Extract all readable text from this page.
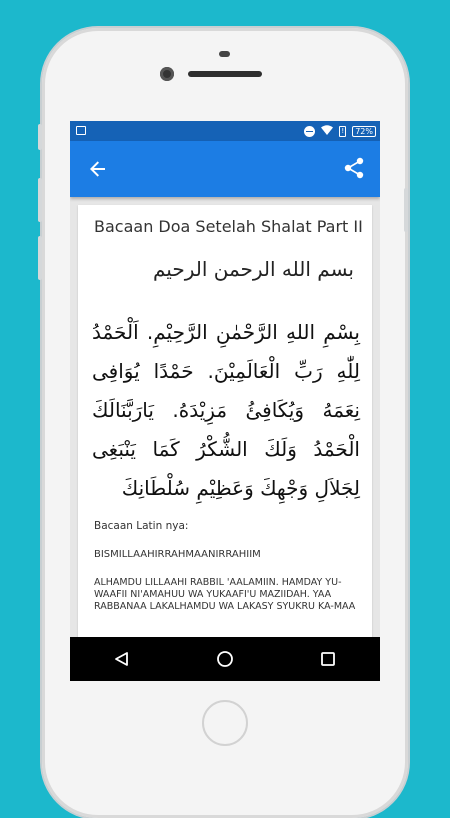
!	72%
Bacaan Doa Setelah Shalat Part II
بسم الله الرحمن الرحيم
بِسْمِ اللهِ الرَّحْمٰنِ الرَّحِيْمِ. اَلْحَمْدُ لِلّٰهِ رَبِّ الْعَالَمِيْنَ. حَمْدًا يُوَافِى نِعَمَهُ وَيُكَافِئُ مَزِيْدَهُ. يَارَبَّنَالَكَ الْحَمْدُ وَلَكَ الشُّكْرُ كَمَا يَنْبَغِى لِجَلاَلِ وَجْهِكَ وَعَظِيْمِ سُلْطَانِكَ
Bacaan Latin nya:
BISMILLAAHIRRAHMAANIRRAHIIM
ALHAMDU LILLAAHI RABBIL 'AALAMIIN. HAMDAY YU-WAAFII NI'AMAHUU WA YUKAAFI'U MAZIIDAH. YAA RABBANAA LAKALHAMDU WA LAKASY SYUKRU KA-MAA
